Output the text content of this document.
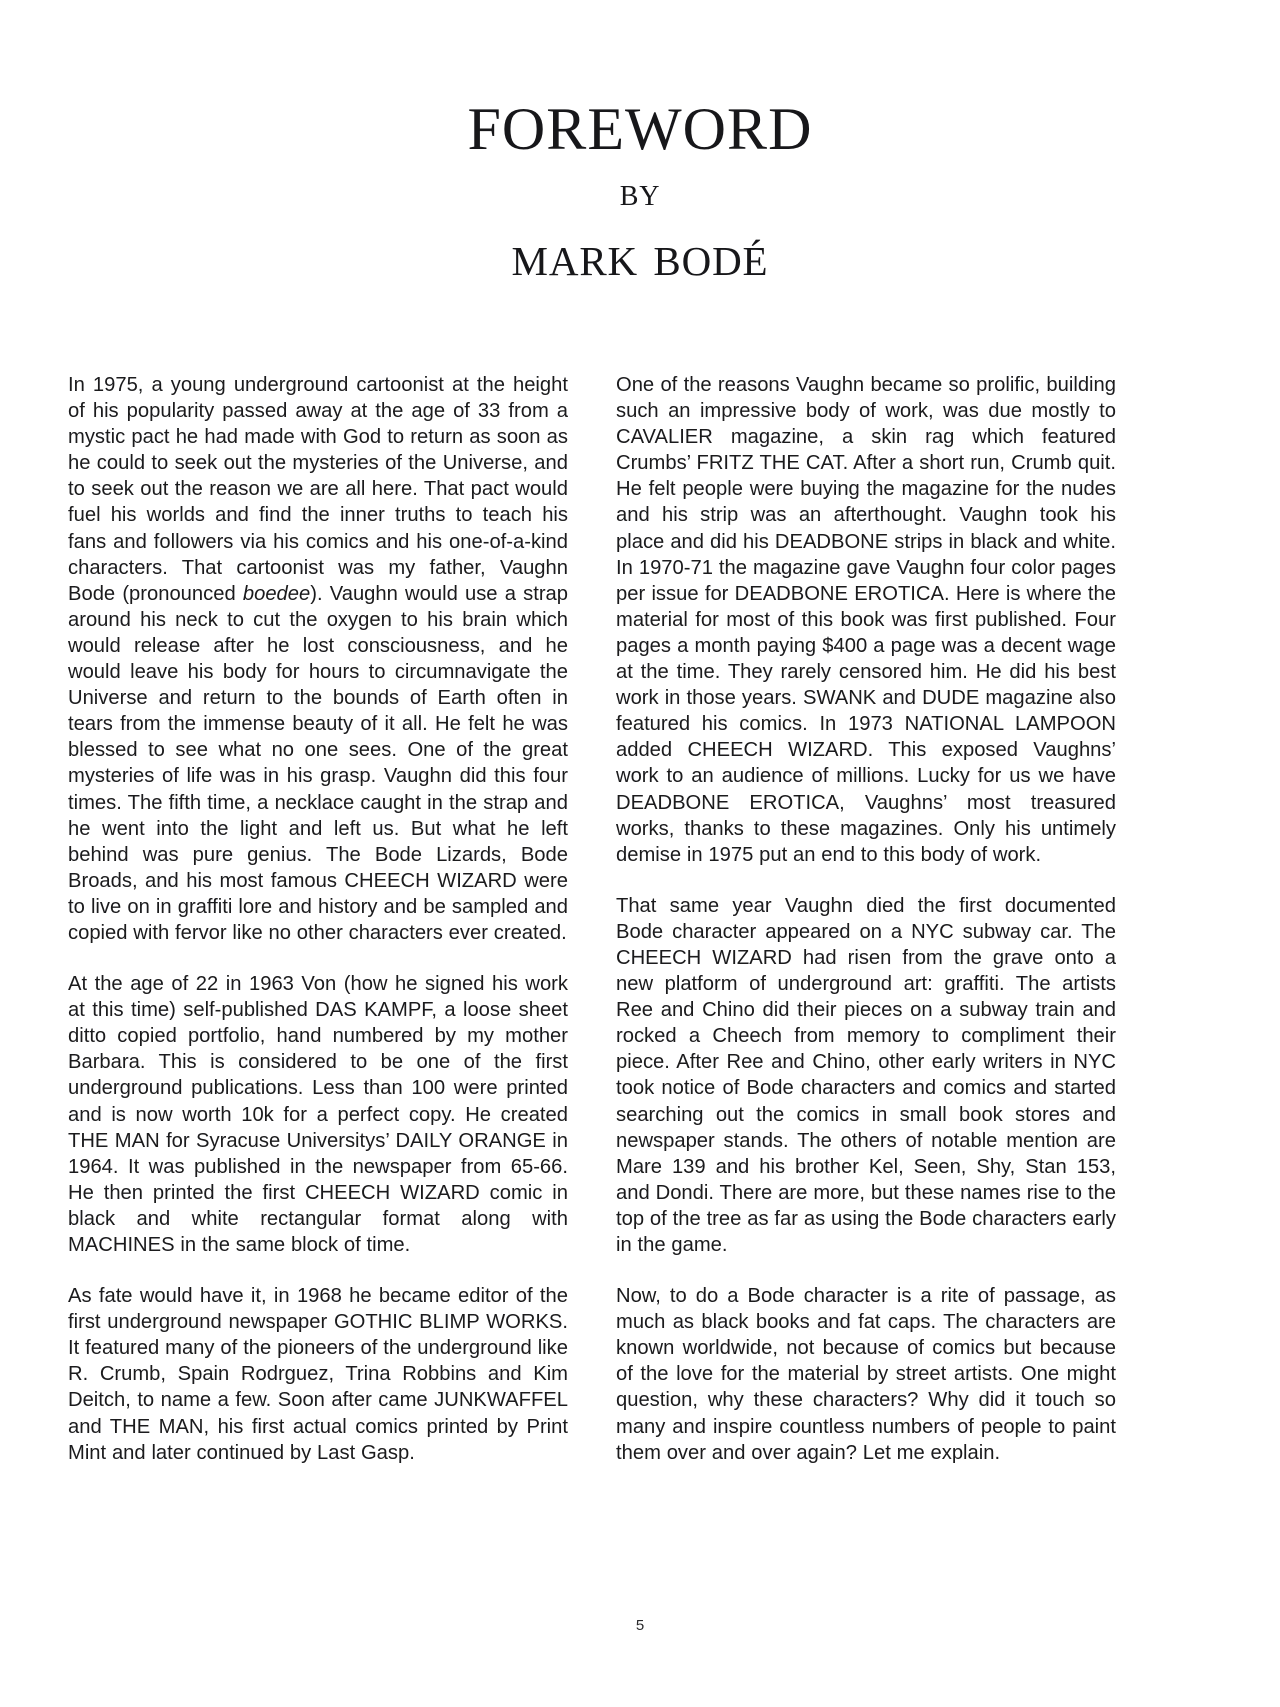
foreword
by
mark bodé

In 1975, a young underground cartoonist at the height of his popularity passed away at the age of 33 from a mystic pact he had made with God to return as soon as he could to seek out the mysteries of the Universe, and to seek out the reason we are all here. That pact would fuel his worlds and find the inner truths to teach his fans and followers via his comics and his one-of-a-kind characters. That cartoonist was my father, Vaughn Bode (pronounced boedee). Vaughn would use a strap around his neck to cut the oxygen to his brain which would release after he lost consciousness, and he would leave his body for hours to circumnavigate the Universe and return to the bounds of Earth often in tears from the immense beauty of it all. He felt he was blessed to see what no one sees. One of the great mysteries of life was in his grasp. Vaughn did this four times. The fifth time, a necklace caught in the strap and he went into the light and left us. But what he left behind was pure genius. The Bode Lizards, Bode Broads, and his most famous CHEECH WIZARD were to live on in graffiti lore and history and be sampled and copied with fervor like no other characters ever created.

At the age of 22 in 1963 Von (how he signed his work at this time) self-published DAS KAMPF, a loose sheet ditto copied portfolio, hand numbered by my mother Barbara. This is considered to be one of the first underground publications. Less than 100 were printed and is now worth 10k for a perfect copy. He created THE MAN for Syracuse Universitys’ DAILY ORANGE in 1964. It was published in the newspaper from 65-66. He then printed the first CHEECH WIZARD comic in black and white rectangular format along with MACHINES in the same block of time.

As fate would have it, in 1968 he became editor of the first underground newspaper GOTHIC BLIMP WORKS. It featured many of the pioneers of the underground like R. Crumb, Spain Rodrguez, Trina Robbins and Kim Deitch, to name a few. Soon after came JUNKWAFFEL and THE MAN, his first actual comics printed by Print Mint and later continued by Last Gasp.

One of the reasons Vaughn became so prolific, building such an impressive body of work, was due mostly to CAVALIER magazine, a skin rag which featured Crumbs’ FRITZ THE CAT. After a short run, Crumb quit. He felt people were buying the magazine for the nudes and his strip was an afterthought. Vaughn took his place and did his DEADBONE strips in black and white. In 1970-71 the magazine gave Vaughn four color pages per issue for DEADBONE EROTICA. Here is where the material for most of this book was first published. Four pages a month paying $400 a page was a decent wage at the time. They rarely censored him. He did his best work in those years. SWANK and DUDE magazine also featured his comics. In 1973 NATIONAL LAMPOON added CHEECH WIZARD. This exposed Vaughns’ work to an audience of millions. Lucky for us we have DEADBONE EROTICA, Vaughns’ most treasured works, thanks to these magazines. Only his untimely demise in 1975 put an end to this body of work.

That same year Vaughn died the first documented Bode character appeared on a NYC subway car. The CHEECH WIZARD had risen from the grave onto a new platform of underground art: graffiti. The artists Ree and Chino did their pieces on a subway train and rocked a Cheech from memory to compliment their piece. After Ree and Chino, other early writers in NYC took notice of Bode characters and comics and started searching out the comics in small book stores and newspaper stands. The others of notable mention are Mare 139 and his brother Kel, Seen, Shy, Stan 153, and Dondi. There are more, but these names rise to the top of the tree as far as using the Bode characters early in the game.

Now, to do a Bode character is a rite of passage, as much as black books and fat caps. The characters are known worldwide, not because of comics but because of the love for the material by street artists. One might question, why these characters? Why did it touch so many and inspire countless numbers of people to paint them over and over again? Let me explain.

5
